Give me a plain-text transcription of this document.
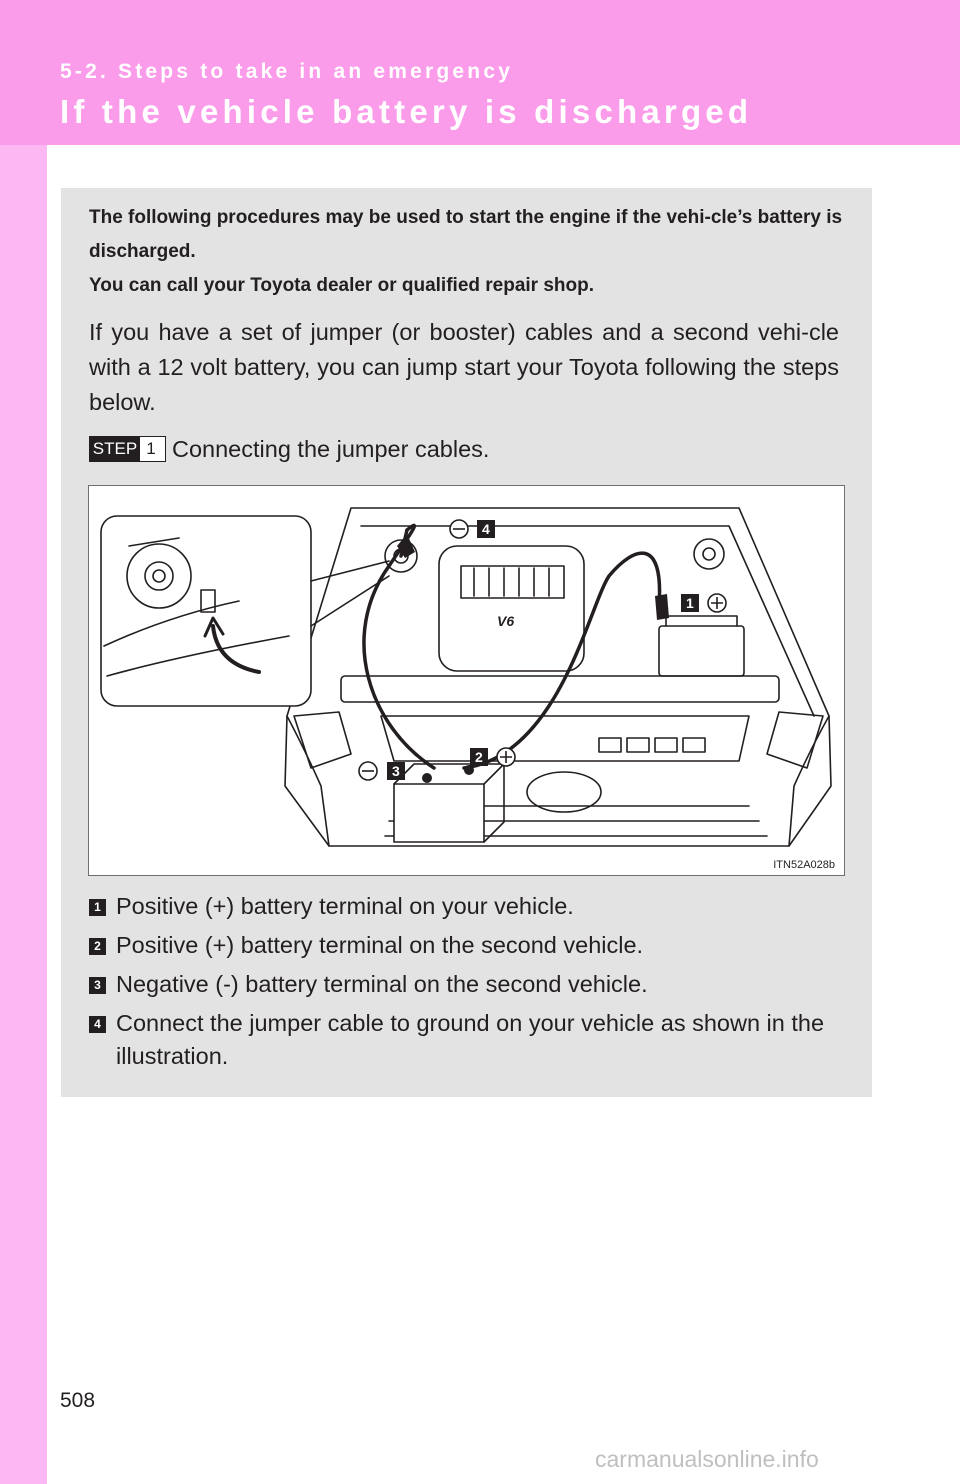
5-2. Steps to take in an emergency
If the vehicle battery is discharged

The following procedures may be used to start the engine if the vehi-cle’s battery is discharged.

You can call your Toyota dealer or qualified repair shop.

If you have a set of jumper (or booster) cables and a second vehi-cle with a 12 volt battery, you can jump start your Toyota following the steps below.
STEP 1 Connecting the jumper cables.
V6
4
1
2
3
ITN52A028b
1 Positive (+) battery terminal on your vehicle.
2 Positive (+) battery terminal on the second vehicle.
3 Negative (-) battery terminal on the second vehicle.
4 Connect the jumper cable to ground on your vehicle as shown in the illustration.
508
carmanualsonline.info
